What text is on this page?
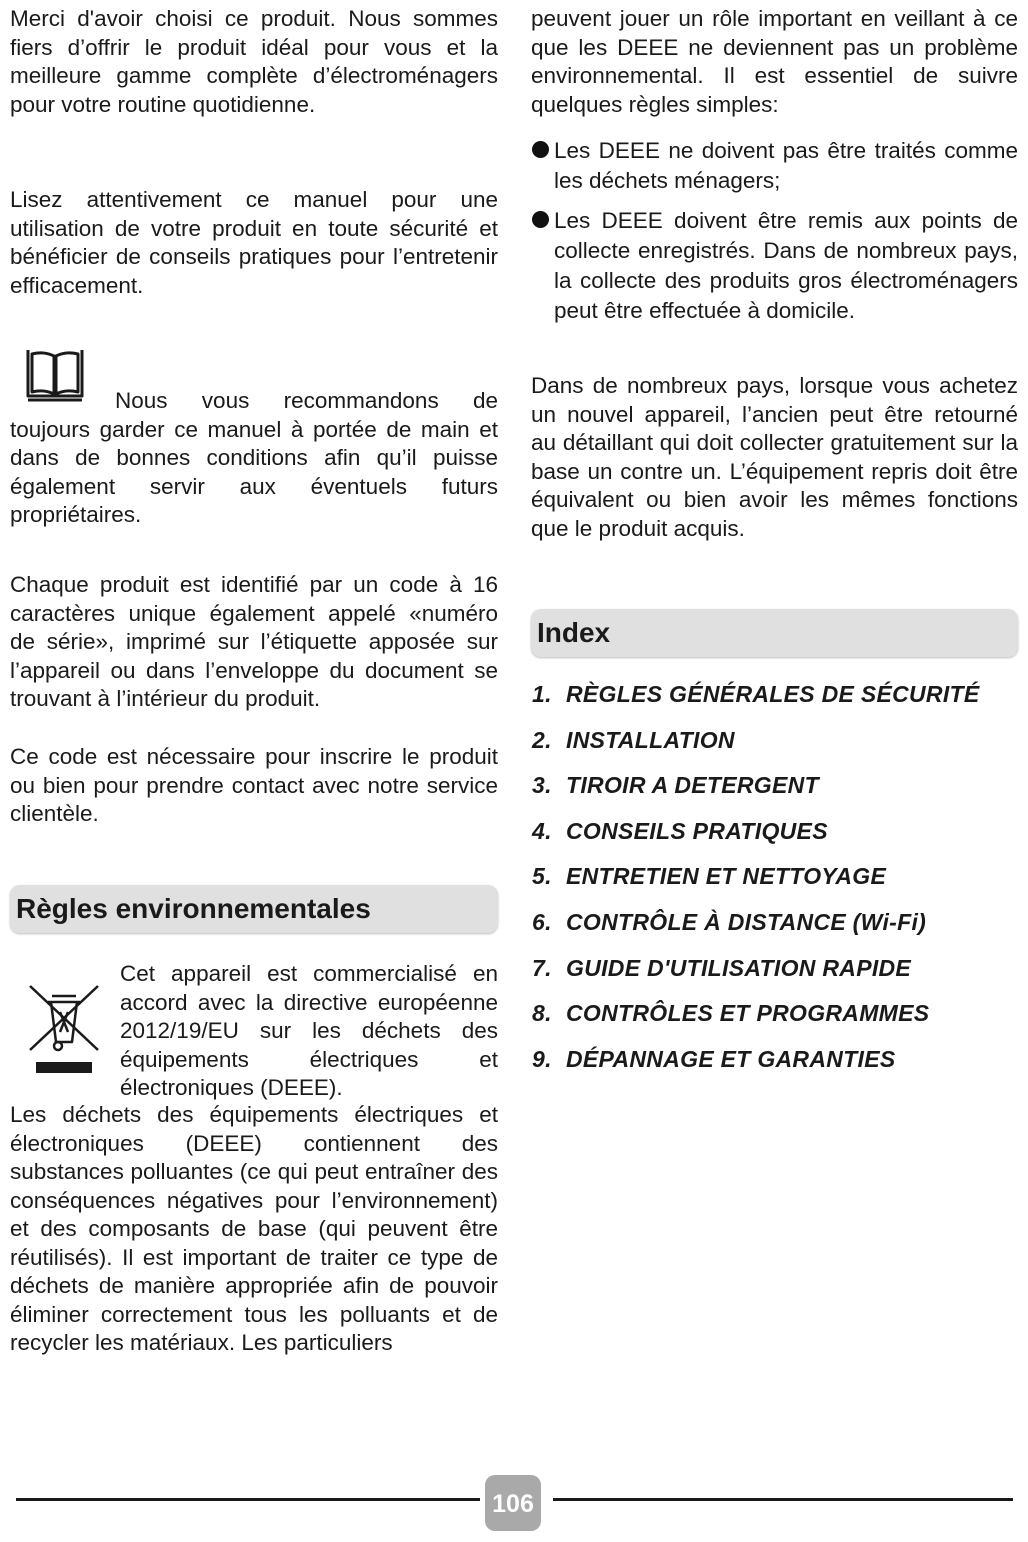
Merci d'avoir choisi ce produit. Nous sommes fiers d’offrir le produit idéal pour vous et la meilleure gamme complète d’électroménagers pour votre routine quotidienne.

Lisez attentivement ce manuel pour une utilisation de votre produit en toute sécurité et bénéficier de conseils pratiques pour l’entretenir efficacement.

Nous vous recommandons de toujours garder ce manuel à portée de main et dans de bonnes conditions afin qu’il puisse également servir aux éventuels futurs propriétaires.

Chaque produit est identifié par un code à 16 caractères unique également appelé «numéro de série», imprimé sur l’étiquette apposée sur l’appareil ou dans l’enveloppe du document se trouvant à l’intérieur du produit.

Ce code est nécessaire pour inscrire le produit ou bien pour prendre contact avec notre service clientèle.

Règles environnementales

Cet appareil est commercialisé en accord avec la directive européenne 2012/19/EU sur les déchets des équipements électriques et électroniques (DEEE).

Les déchets des équipements électriques et électroniques (DEEE) contiennent des substances polluantes (ce qui peut entraîner des conséquences négatives pour l’environnement) et des composants de base (qui peuvent être réutilisés). Il est important de traiter ce type de déchets de manière appropriée afin de pouvoir éliminer correctement tous les polluants et de recycler les matériaux. Les particuliers

peuvent jouer un rôle important en veillant à ce que les DEEE ne deviennent pas un problème environnemental. Il est essentiel de suivre quelques règles simples:

Les DEEE ne doivent pas être traités comme les déchets ménagers;

Les DEEE doivent être remis aux points de collecte enregistrés. Dans de nombreux pays, la collecte des produits gros électroménagers peut être effectuée à domicile.

Dans de nombreux pays, lorsque vous achetez un nouvel appareil, l’ancien peut être retourné au détaillant qui doit collecter gratuitement sur la base un contre un. L’équipement repris doit être équivalent ou bien avoir les mêmes fonctions que le produit acquis.

Index
1. RÈGLES GÉNÉRALES DE SÉCURITÉ
2. INSTALLATION
3. TIROIR A DETERGENT
4. CONSEILS PRATIQUES
5. ENTRETIEN ET NETTOYAGE
6. CONTRÔLE À DISTANCE (Wi-Fi)
7. GUIDE D'UTILISATION RAPIDE
8. CONTRÔLES ET PROGRAMMES
9. DÉPANNAGE ET GARANTIES
106
